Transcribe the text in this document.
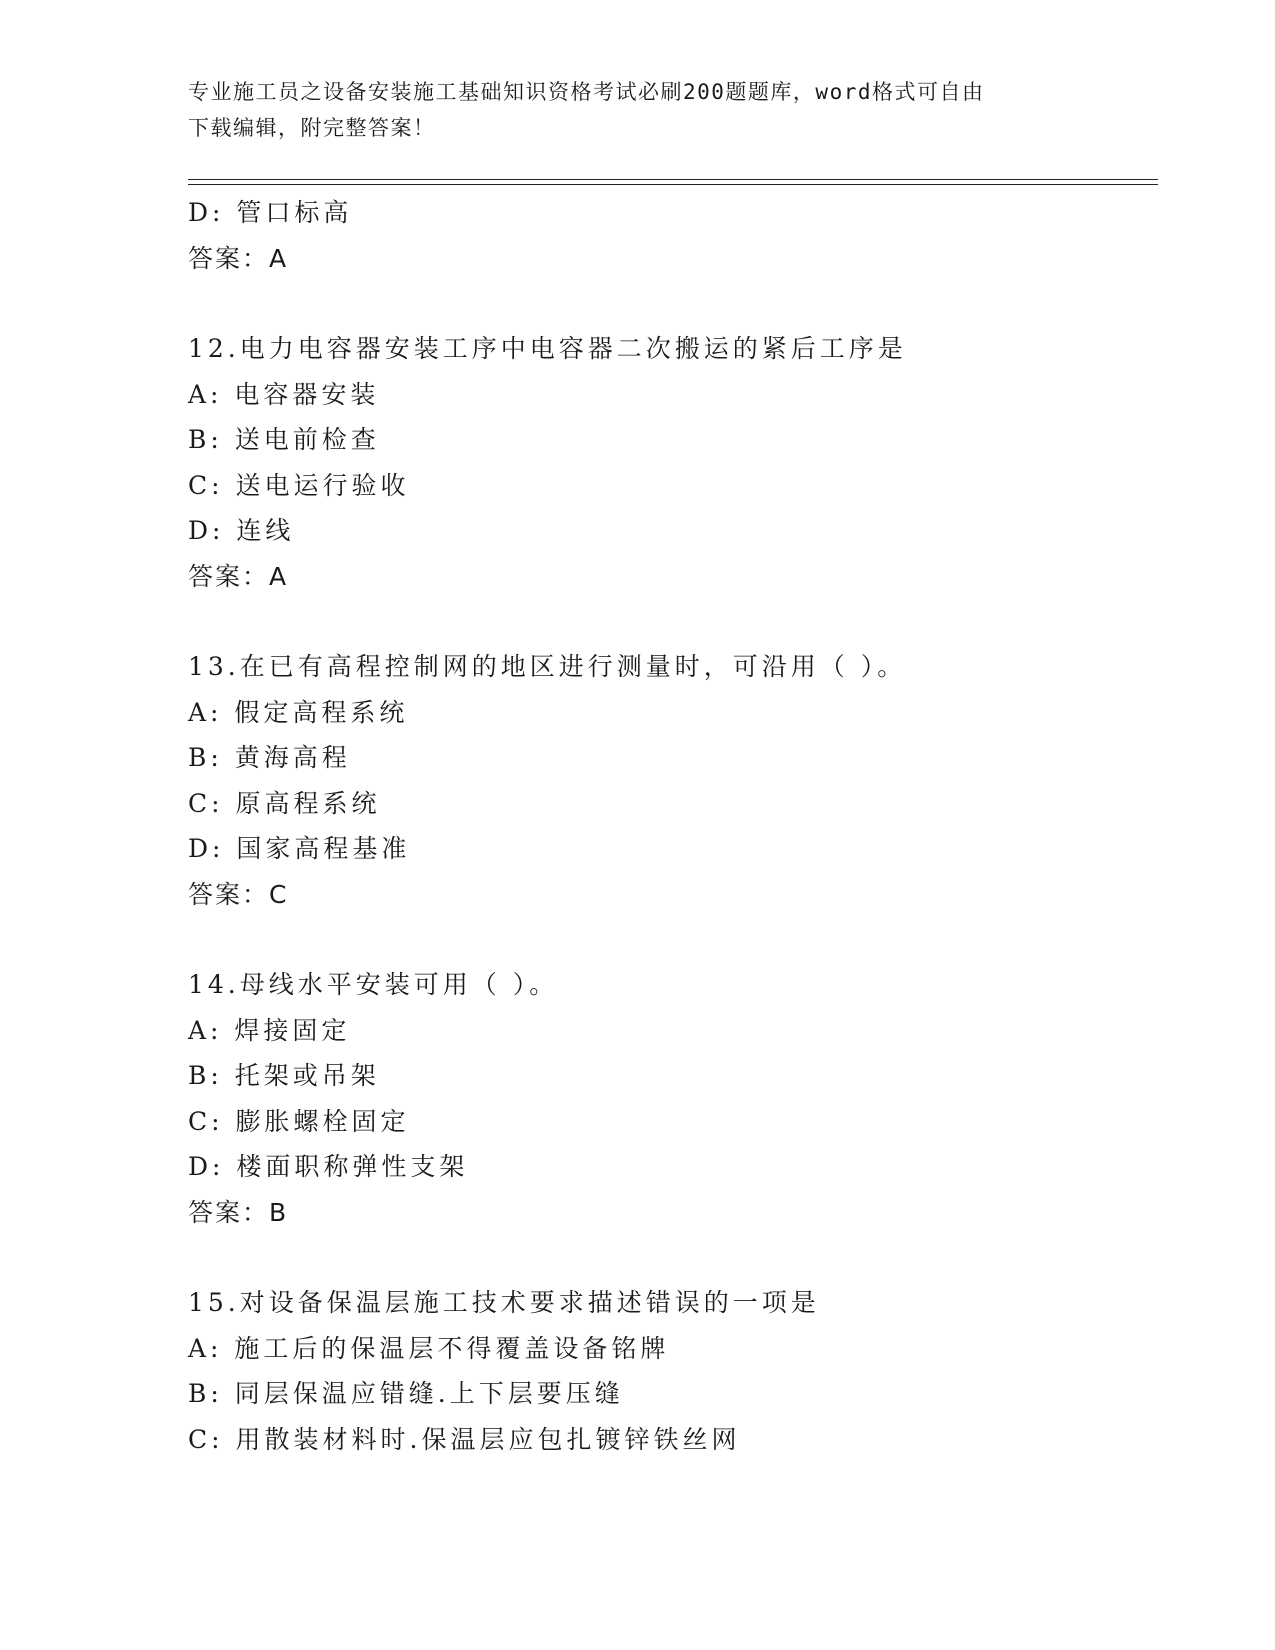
专业施工员之设备安装施工基础知识资格考试必刷200题题库，word格式可自由
下载编辑，附完整答案！
D: 管口标高
答案：A
12.电力电容器安装工序中电容器二次搬运的紧后工序是
A: 电容器安装
B: 送电前检查
C: 送电运行验收
D: 连线
答案：A
13.在已有高程控制网的地区进行测量时，可沿用（ ）。
A: 假定高程系统
B: 黄海高程
C: 原高程系统
D: 国家高程基准
答案：C
14.母线水平安装可用（ ）。
A: 焊接固定
B: 托架或吊架
C: 膨胀螺栓固定
D: 楼面职称弹性支架
答案：B
15.对设备保温层施工技术要求描述错误的一项是
A: 施工后的保温层不得覆盖设备铭牌
B: 同层保温应错缝.上下层要压缝
C: 用散装材料时.保温层应包扎镀锌铁丝网
